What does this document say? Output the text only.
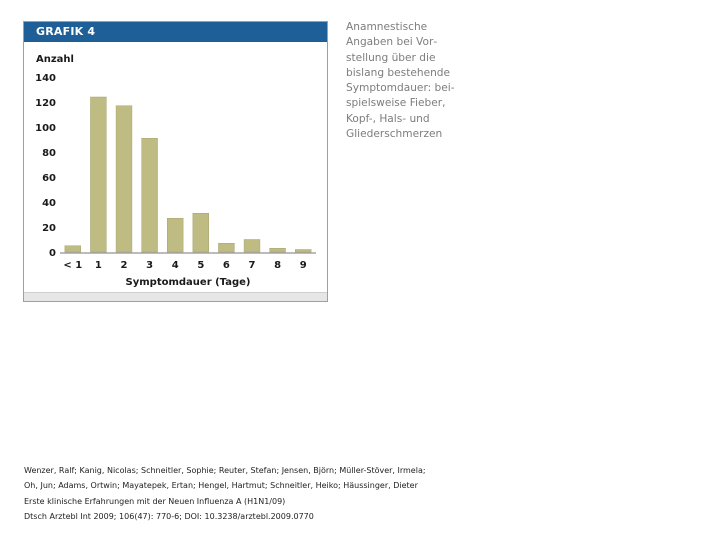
GRAFIK 4
Anzahl
0
20
40
60
80
100
120
140
< 1 1 2 3 4 5 6 7 8 9
Symptomdauer (Tage)

Anamnestische Angaben bei Vorstellung über die bislang bestehende Symptomdauer: beispielsweise Fieber, Kopf-, Hals- und Gliederschmerzen

Wenzer, Ralf; Kanig, Nicolas; Schneitler, Sophie; Reuter, Stefan; Jensen, Björn; Müller-Stöver, Irmela;
Oh, Jun; Adams, Ortwin; Mayatepek, Ertan; Hengel, Hartmut; Schneitler, Heiko; Häussinger, Dieter
Erste klinische Erfahrungen mit der Neuen Influenza A (H1N1/09)
Dtsch Arztebl Int 2009; 106(47): 770-6; DOI: 10.3238/arztebl.2009.0770
